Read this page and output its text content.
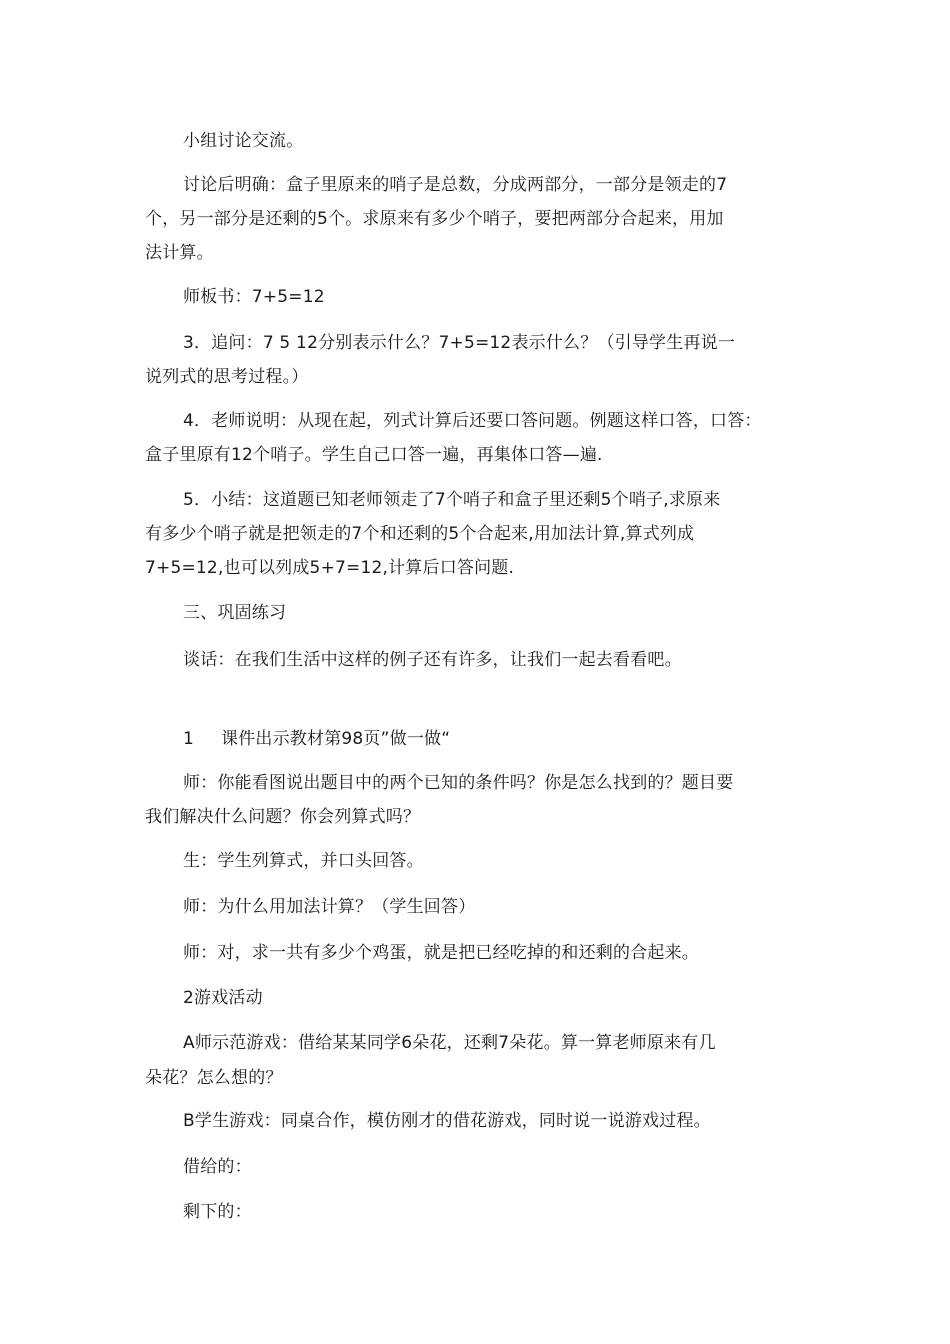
小组讨论交流。
讨论后明确：盒子里原来的哨子是总数，分成两部分，一部分是领走的7
个，另一部分是还剩的5个。求原来有多少个哨子，要把两部分合起来，用加
法计算。
师板书：7+5=12
3．追问：7 5 12分别表示什么？7+5=12表示什么？（引导学生再说一
说列式的思考过程。）
4．老师说明：从现在起，列式计算后还要口答问题。例题这样口答，口答：
盒子里原有12个哨子。学生自己口答一遍，再集体口答—遍.
5．小结：这道题已知老师领走了7个哨子和盒子里还剩5个哨子,求原来
有多少个哨子就是把领走的7个和还剩的5个合起来,用加法计算,算式列成
7+5=12,也可以列成5+7=12,计算后口答问题.
三、巩固练习
谈话：在我们生活中这样的例子还有许多，让我们一起去看看吧。
1 课件出示教材第98页”做一做“
师：你能看图说出题目中的两个已知的条件吗？你是怎么找到的？题目要
我们解决什么问题？你会列算式吗？
生：学生列算式，并口头回答。
师：为什么用加法计算？（学生回答）
师：对，求一共有多少个鸡蛋，就是把已经吃掉的和还剩的合起来。
2游戏活动
A师示范游戏：借给某某同学6朵花，还剩7朵花。算一算老师原来有几
朵花？怎么想的？
B学生游戏：同桌合作，模仿刚才的借花游戏，同时说一说游戏过程。
借给的：
剩下的：
